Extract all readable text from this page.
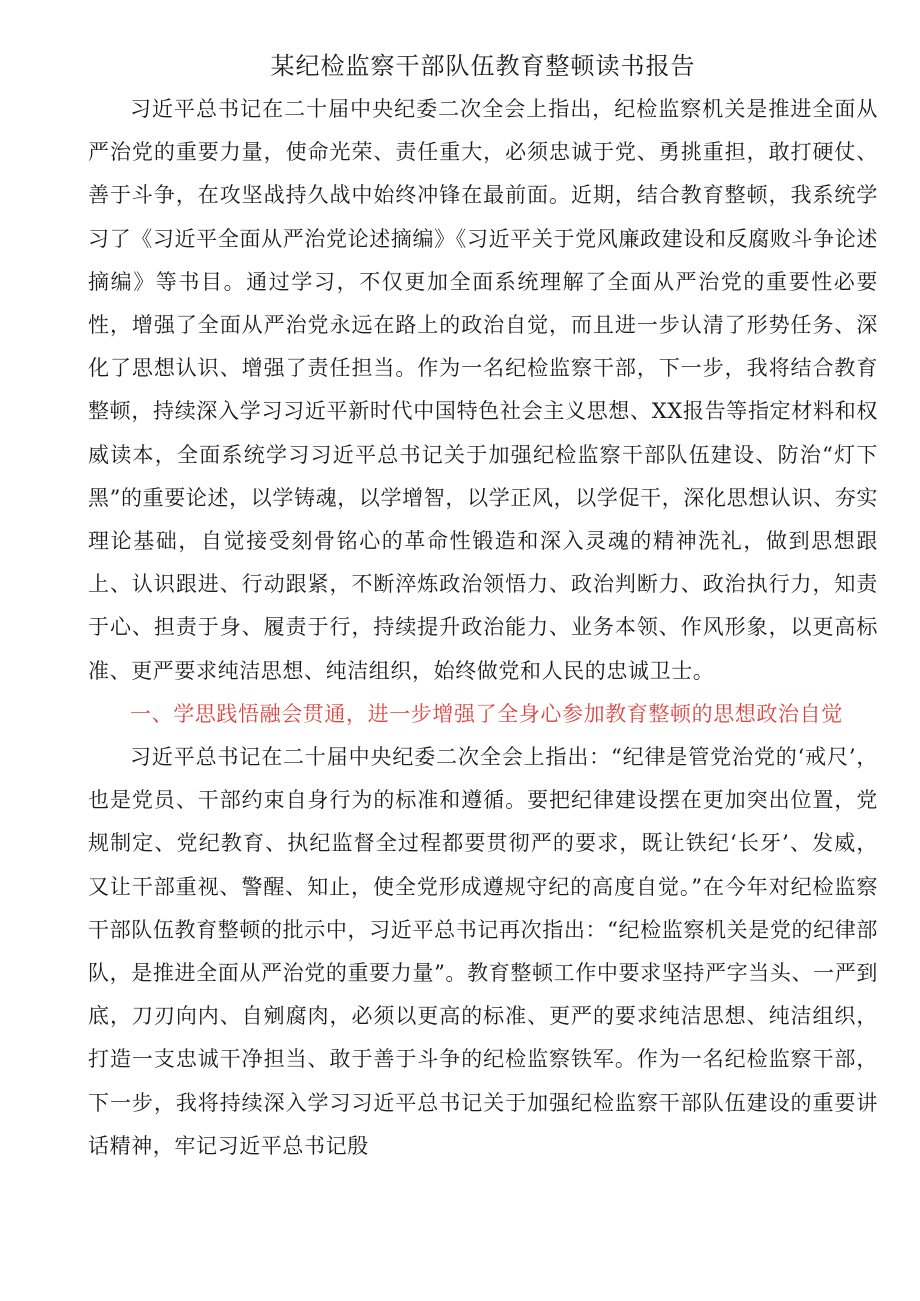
某纪检监察干部队伍教育整顿读书报告

习近平总书记在二十届中央纪委二次全会上指出，纪检监察机关是推进全面从严治党的重要力量，使命光荣、责任重大，必须忠诚于党、勇挑重担，敢打硬仗、善于斗争，在攻坚战持久战中始终冲锋在最前面。近期，结合教育整顿，我系统学习了《习近平全面从严治党论述摘编》《习近平关于党风廉政建设和反腐败斗争论述摘编》等书目。通过学习，不仅更加全面系统理解了全面从严治党的重要性必要性，增强了全面从严治党永远在路上的政治自觉，而且进一步认清了形势任务、深化了思想认识、增强了责任担当。作为一名纪检监察干部，下一步，我将结合教育整顿，持续深入学习习近平新时代中国特色社会主义思想、XX报告等指定材料和权威读本，全面系统学习习近平总书记关于加强纪检监察干部队伍建设、防治“灯下黑”的重要论述，以学铸魂，以学增智，以学正风，以学促干，深化思想认识、夯实理论基础，自觉接受刻骨铭心的革命性锻造和深入灵魂的精神洗礼，做到思想跟上、认识跟进、行动跟紧，不断淬炼政治领悟力、政治判断力、政治执行力，知责于心、担责于身、履责于行，持续提升政治能力、业务本领、作风形象，以更高标准、更严要求纯洁思想、纯洁组织，始终做党和人民的忠诚卫士。

一、学思践悟融会贯通，进一步增强了全身心参加教育整顿的思想政治自觉

习近平总书记在二十届中央纪委二次全会上指出：“纪律是管党治党的‘戒尺’，也是党员、干部约束自身行为的标准和遵循。要把纪律建设摆在更加突出位置，党规制定、党纪教育、执纪监督全过程都要贯彻严的要求，既让铁纪‘长牙’、发威，又让干部重视、警醒、知止，使全党形成遵规守纪的高度自觉。”在今年对纪检监察干部队伍教育整顿的批示中，习近平总书记再次指出：“纪检监察机关是党的纪律部队，是推进全面从严治党的重要力量”。教育整顿工作中要求坚持严字当头、一严到底，刀刃向内、自剜腐肉，必须以更高的标准、更严的要求纯洁思想、纯洁组织，打造一支忠诚干净担当、敢于善于斗争的纪检监察铁军。作为一名纪检监察干部，下一步，我将持续深入学习习近平总书记关于加强纪检监察干部队伍建设的重要讲话精神，牢记习近平总书记殷
